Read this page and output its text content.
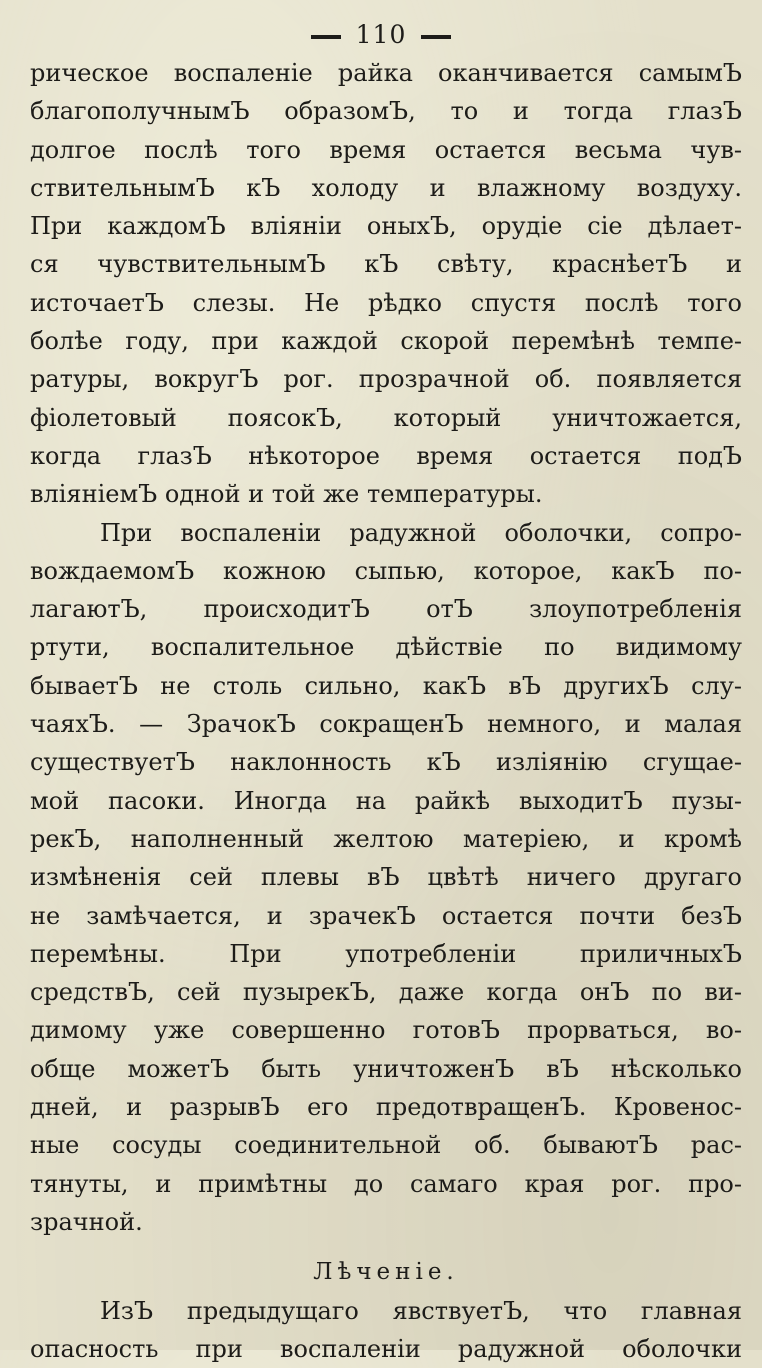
110
рическое воспаленіе райка оканчивается самымЪ
благополучнымЪ образомЪ, то и тогда глазЪ
долгое послѣ того время остается весьма чув-
ствительнымЪ кЪ холоду и влажному воздуху.
При каждомЪ вліяніи оныхЪ, орудіе сіе дѣлает-
ся чувствительнымЪ кЪ свѣту, краснѣетЪ и
источаетЪ слезы. Не рѣдко спустя послѣ того
болѣе году, при каждой скорой перемѣнѣ темпе-
ратуры, вокругЪ рог. прозрачной об. появляется
фіолетовый поясокЪ, который уничтожается,
когда глазЪ нѣкоторое время остается подЪ
вліяніемЪ одной и той же температуры.
При воспаленіи радужной оболочки, сопро-
вождаемомЪ кожною сыпью, которое, какЪ по-
лагаютЪ, происходитЪ отЪ злоупотребленія
ртути, воспалительное дѣйствіе по видимому
бываетЪ не столь сильно, какЪ вЪ другихЪ слу-
чаяхЪ. — ЗрачокЪ сокращенЪ немного, и малая
существуетЪ наклонность кЪ изліянію сгущае-
мой пасоки. Иногда на райкѣ выходитЪ пузы-
рекЪ, наполненный желтою матеріею, и кромѣ
измѣненія сей плевы вЪ цвѣтѣ ничего другаго
не замѣчается, и зрачекЪ остается почти безЪ
перемѣны. При употребленіи приличныхЪ
средствЪ, сей пузырекЪ, даже когда онЪ по ви-
димому уже совершенно готовЪ прорваться, во-
обще можетЪ быть уничтоженЪ вЪ нѣсколько
дней, и разрывЪ его предотвращенЪ. Кровенос-
ные сосуды соединительной об. бываютЪ рас-
тянуты, и примѣтны до самаго края рог. про-
зрачной.
Лѣченіе.
ИзЪ предыдущаго явствуетЪ, что главная
опасность при воспаленіи радужной оболочки
